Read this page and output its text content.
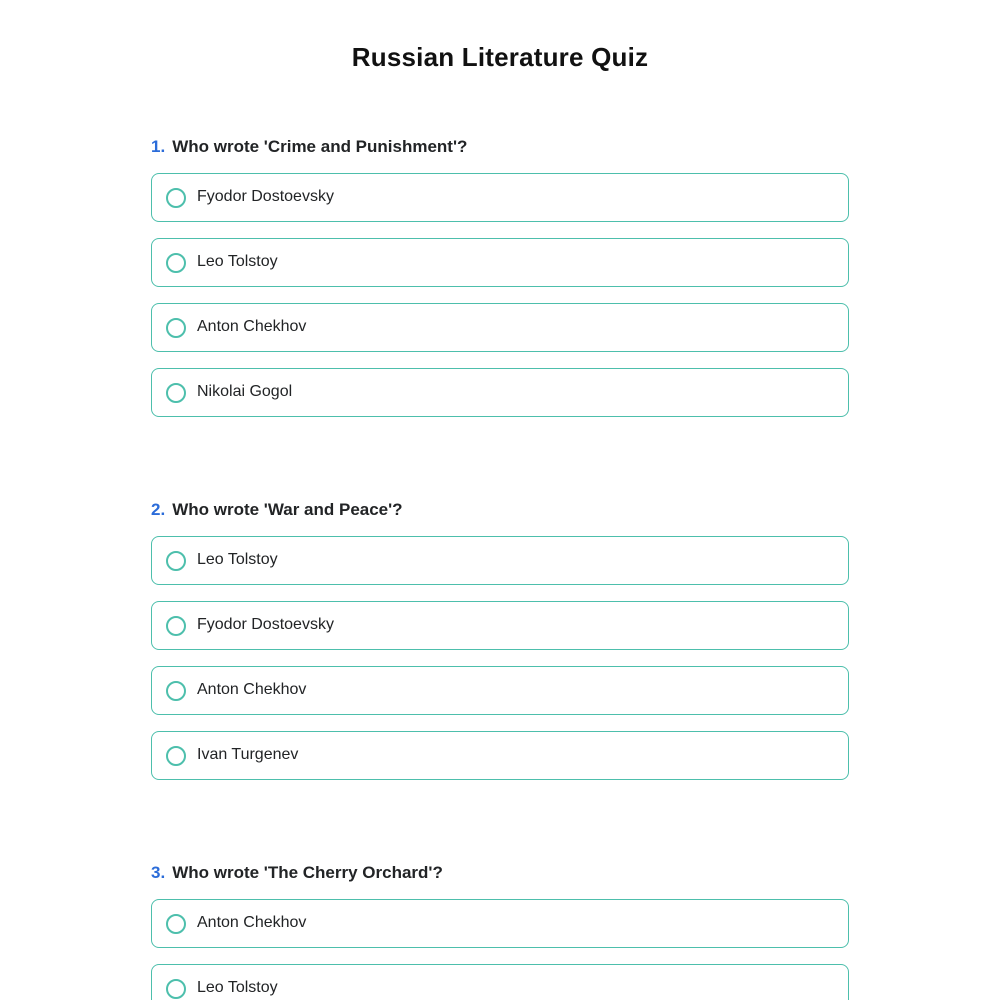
Russian Literature Quiz
1. Who wrote 'Crime and Punishment'?
Fyodor Dostoevsky
Leo Tolstoy
Anton Chekhov
Nikolai Gogol
2. Who wrote 'War and Peace'?
Leo Tolstoy
Fyodor Dostoevsky
Anton Chekhov
Ivan Turgenev
3. Who wrote 'The Cherry Orchard'?
Anton Chekhov
Leo Tolstoy
